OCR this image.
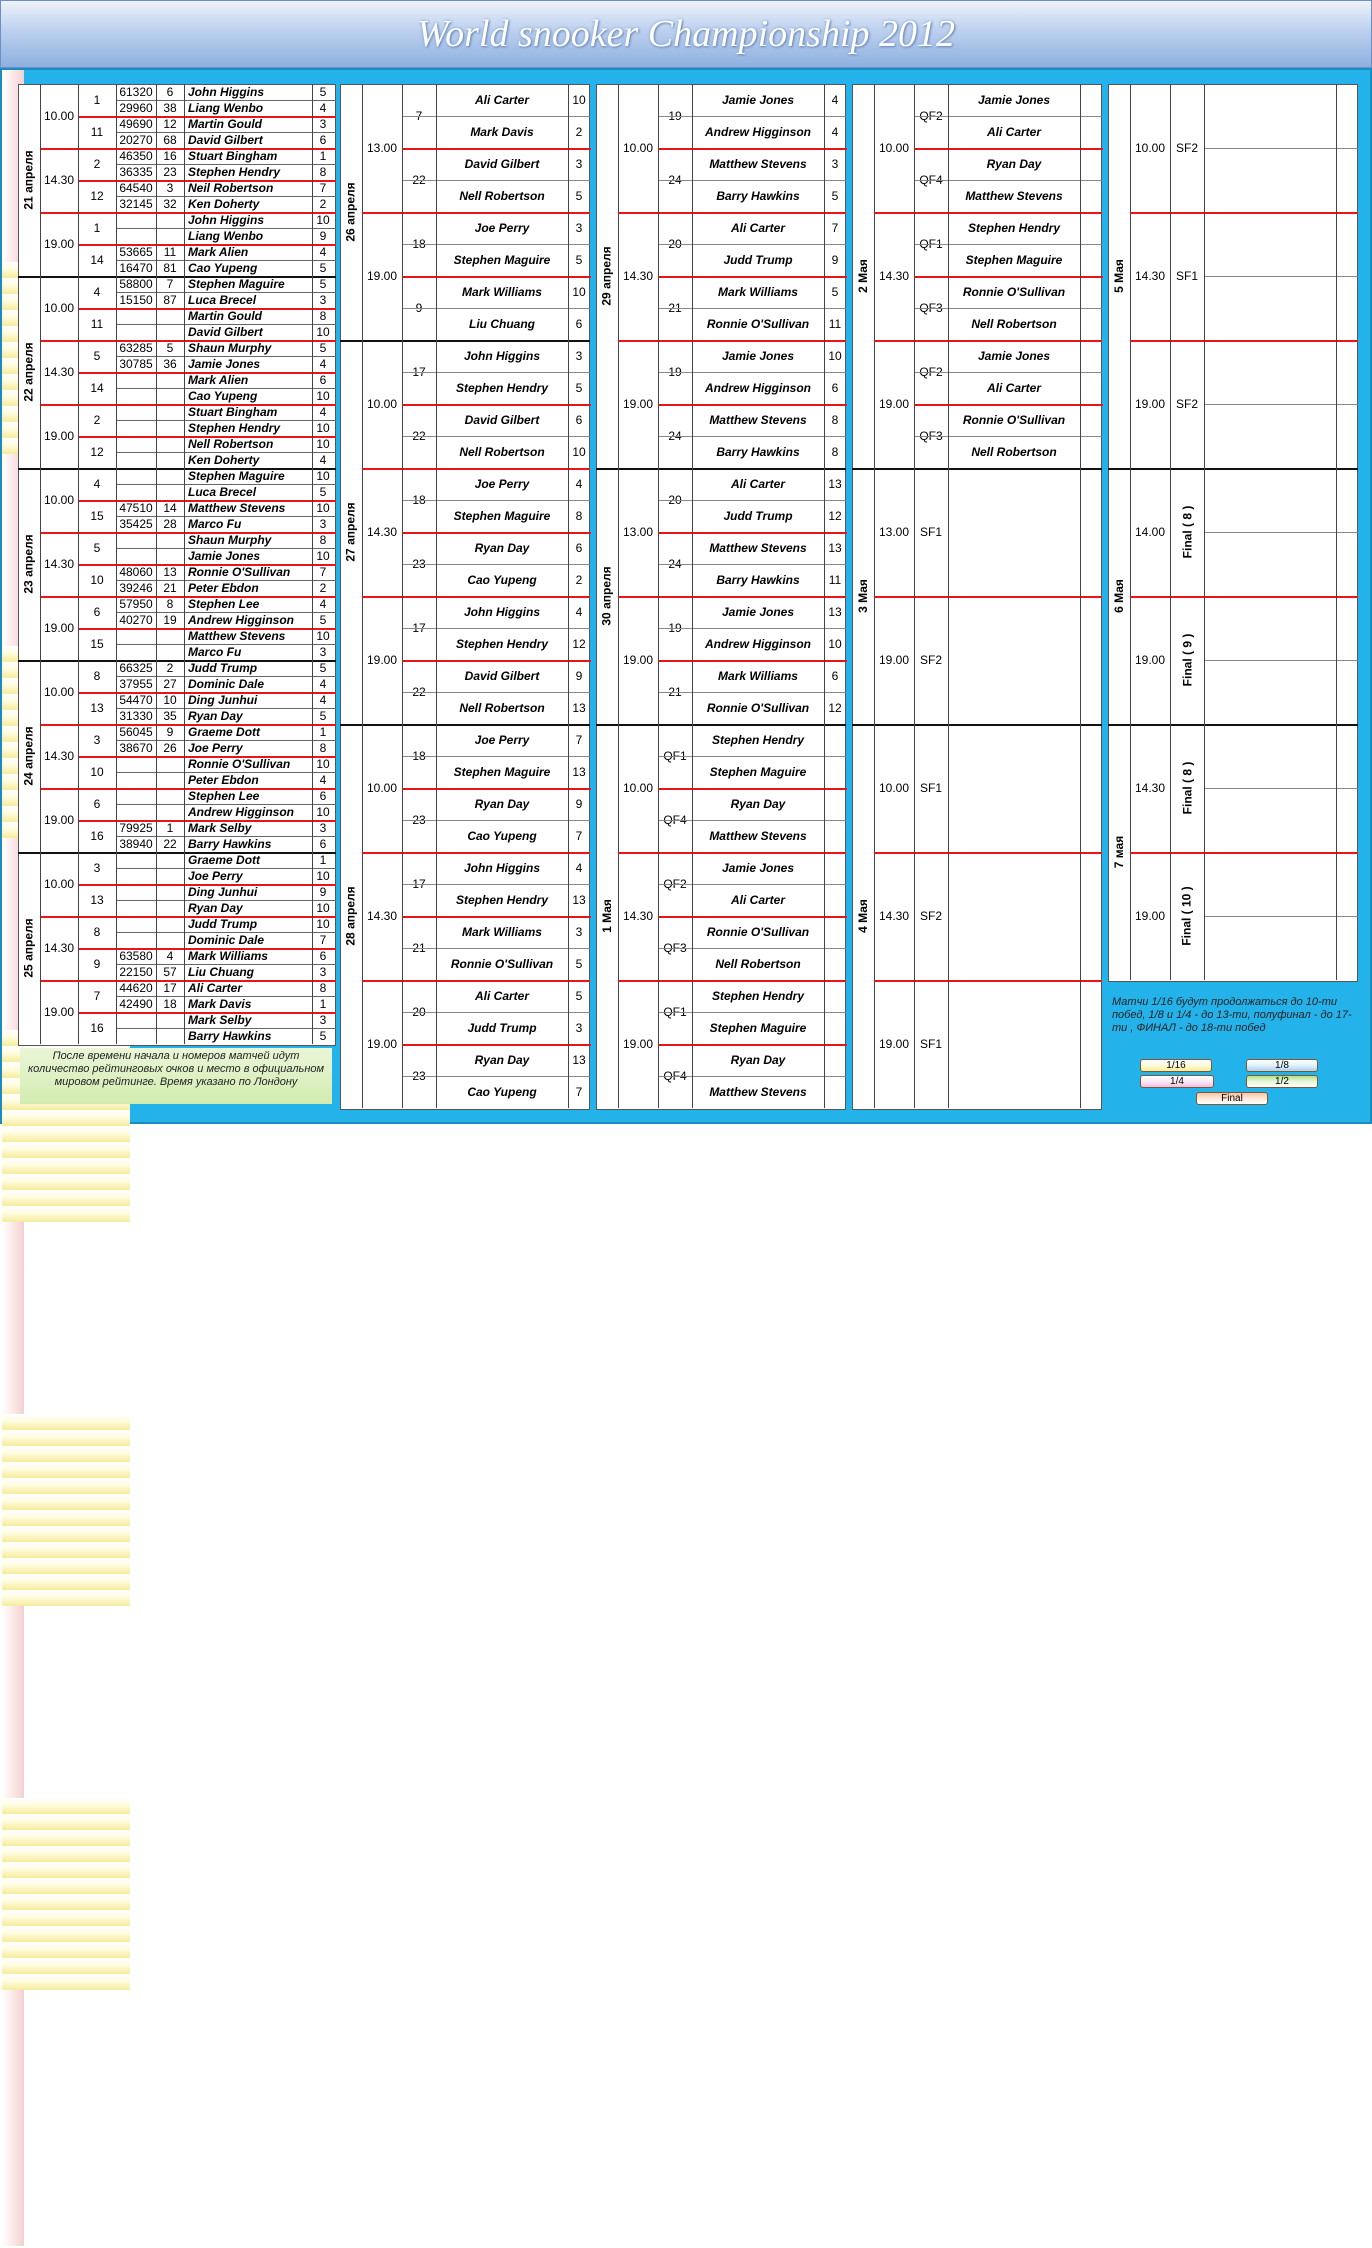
World snooker Championship 2012
21 апреля
10.00
1
61320	6	John Higgins	5
29960 38 Liang Wenbo	4
11
49690 12 Martin Gould	3
20270 68 David Gilbert	6
14.30
2
46350 16 Stuart Bingham	1
36335 23 Stephen Hendry	8
12
64540	3	Neil Robertson	7
32145 32 Ken Doherty	2
19.00
1
John Higgins	10
Liang Wenbo	9
14
53665 11 Mark Alien	4
16470 81 Cao Yupeng	5
22 апреля
10.00
4
58800	7	Stephen Maguire	5
15150 87 Luca Brecel	3
11
Martin Gould	8
David Gilbert	10
14.30
5
63285	5	Shaun Murphy	5
30785 36 Jamie Jones	4
14
Mark Alien	6
Cao Yupeng	10
19.00
2
Stuart Bingham	4
Stephen Hendry	10
12
Nell Robertson	10
Ken Doherty	4
23 апреля
10.00
4
Stephen Maguire	10
Luca Brecel	5
15
47510 14 Matthew Stevens	10
35425 28 Marco Fu	3
14.30
5
Shaun Murphy	8
Jamie Jones	10
10
48060 13 Ronnie O'Sullivan	7
39246 21 Peter Ebdon	2
19.00
6
57950	8	Stephen Lee	4
40270 19 Andrew Higginson	5
15
Matthew Stevens	10
Marco Fu	3
24 апреля
10.00
8
66325	2	Judd Trump	5
37955 27 Dominic Dale	4
13
54470 10 Ding Junhui	4
31330 35 Ryan Day	5
14.30
3
56045	9	Graeme Dott	1
38670 26 Joe Perry	8
10
Ronnie O'Sullivan	10
Peter Ebdon	4
19.00
6
Stephen Lee	6
Andrew Higginson	10
16
79925	1	Mark Selby	3
38940 22 Barry Hawkins	6
25 апреля
10.00
3
Graeme Dott	1
Joe Perry	10
13
Ding Junhui	9
Ryan Day	10
14.30
8
Judd Trump	10
Dominic Dale	7
9
63580	4	Mark Williams	6
22150 57 Liu Chuang	3
19.00
7
44620 17 Ali Carter	8
42490 18 Mark Davis	1
16
Mark Selby	3
Barry Hawkins	5
После времени начала и номеров матчей идут количество рейтинговых очков и место в официальном мировом рейтинге. Время указано по Лондону
26 апреля
13.00
7
Ali Carter	10
Mark Davis	2
22
David Gilbert	3
Nell Robertson	5
19.00
18
Joe Perry	3
Stephen Maguire	5
9
Mark Williams	10
Liu Chuang	6
27 апреля
10.00
17
John Higgins	3
Stephen Hendry	5
22
David Gilbert	6
Nell Robertson	10
14.30
18
Joe Perry	4
Stephen Maguire	8
23
Ryan Day	6
Cao Yupeng	2
19.00
17
John Higgins	4
Stephen Hendry	12
22
David Gilbert	9
Nell Robertson	13
28 апреля
10.00
18
Joe Perry	7
Stephen Maguire	13
23
Ryan Day	9
Cao Yupeng	7
14.30
17
John Higgins	4
Stephen Hendry	13
21
Mark Williams	3
Ronnie O'Sullivan	5
19.00
20
Ali Carter	5
Judd Trump	3
23
Ryan Day	13
Cao Yupeng	7
29 апреля
10.00
19
Jamie Jones	4
Andrew Higginson	4
24
Matthew Stevens	3
Barry Hawkins	5
14.30
20
Ali Carter	7
Judd Trump	9
21
Mark Williams	5
Ronnie O'Sullivan	11
19.00
19
Jamie Jones	10
Andrew Higginson	6
24
Matthew Stevens	8
Barry Hawkins	8
30 апреля
13.00
20
Ali Carter	13
Judd Trump	12
24
Matthew Stevens	13
Barry Hawkins	11
19.00
19
Jamie Jones	13
Andrew Higginson	10
21
Mark Williams	6
Ronnie O'Sullivan	12
1 Мая
10.00
QF1
Stephen Hendry
Stephen Maguire
QF4
Ryan Day
Matthew Stevens
14.30
QF2
Jamie Jones
Ali Carter
QF3
Ronnie O'Sullivan
Nell Robertson
19.00
QF1
Stephen Hendry
Stephen Maguire
QF4
Ryan Day
Matthew Stevens
2 Мая
10.00
QF2
Jamie Jones
Ali Carter
QF4
Ryan Day
Matthew Stevens
14.30
QF1
Stephen Hendry
Stephen Maguire
QF3
Ronnie O'Sullivan
Nell Robertson
19.00
QF2
Jamie Jones
Ali Carter
QF3
Ronnie O'Sullivan
Nell Robertson
3 Мая
13.00 SF1
19.00 SF2
4 Мая
10.00 SF1
14.30 SF2
19.00 SF1
5 Мая
10.00 SF2
14.30 SF1
19.00 SF2
6 Мая
14.00	Final ( 8 )
19.00	Final ( 9 )
7 мая
14.30	Final ( 8 )
19.00	Final ( 10 )
Матчи 1/16 будут продолжаться до 10-ти побед, 1/8 и 1/4 - до 13-ти, полуфинал - до 17-ти , ФИНАЛ - до 18-ти побед
1/16	1/8
1/4	1/2
Final
